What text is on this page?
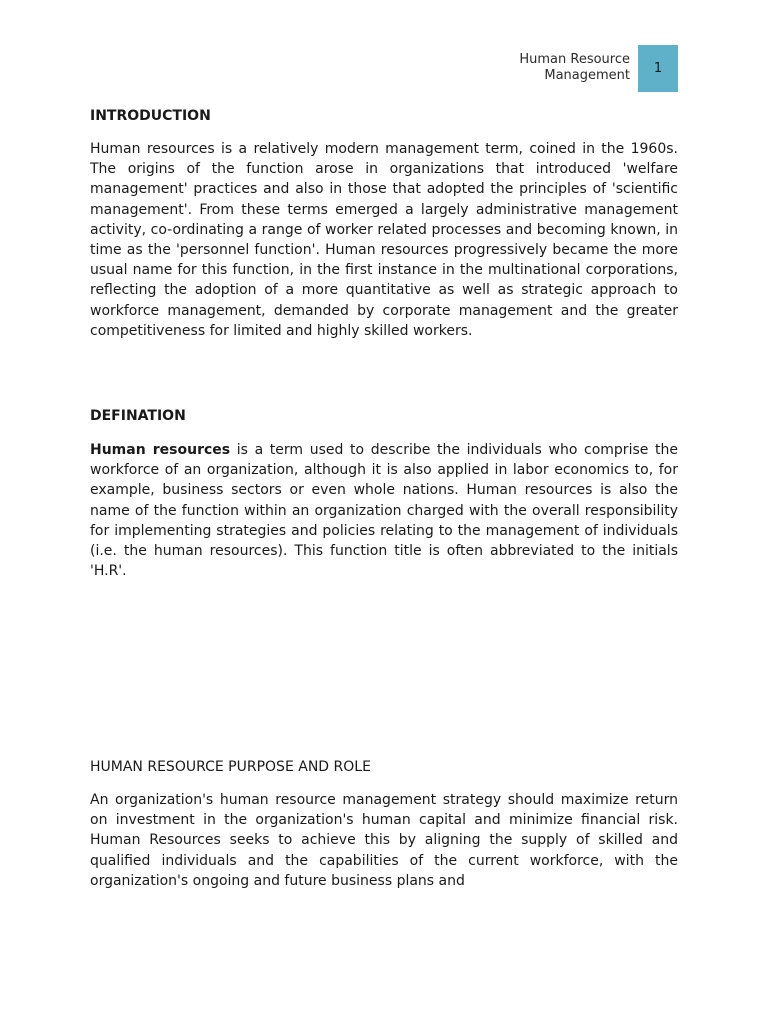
Human Resource
Management 1
INTRODUCTION

Human resources is a relatively modern management term, coined in the 1960s. The origins of the function arose in organizations that introduced 'welfare management' practices and also in those that adopted the principles of 'scientific management'. From these terms emerged a largely administrative management activity, co-ordinating a range of worker related processes and becoming known, in time as the 'personnel function'. Human resources progressively became the more usual name for this function, in the first instance in the multinational corporations, reflecting the adoption of a more quantitative as well as strategic approach to workforce management, demanded by corporate management and the greater competitiveness for limited and highly skilled workers.

DEFINATION

Human resources is a term used to describe the individuals who comprise the workforce of an organization, although it is also applied in labor economics to, for example, business sectors or even whole nations. Human resources is also the name of the function within an organization charged with the overall responsibility for implementing strategies and policies relating to the management of individuals (i.e. the human resources). This function title is often abbreviated to the initials 'H.R'.

HUMAN RESOURCE PURPOSE AND ROLE

An organization's human resource management strategy should maximize return on investment in the organization's human capital and minimize financial risk. Human Resources seeks to achieve this by aligning the supply of skilled and qualified individuals and the capabilities of the current workforce, with the organization's ongoing and future business plans and
